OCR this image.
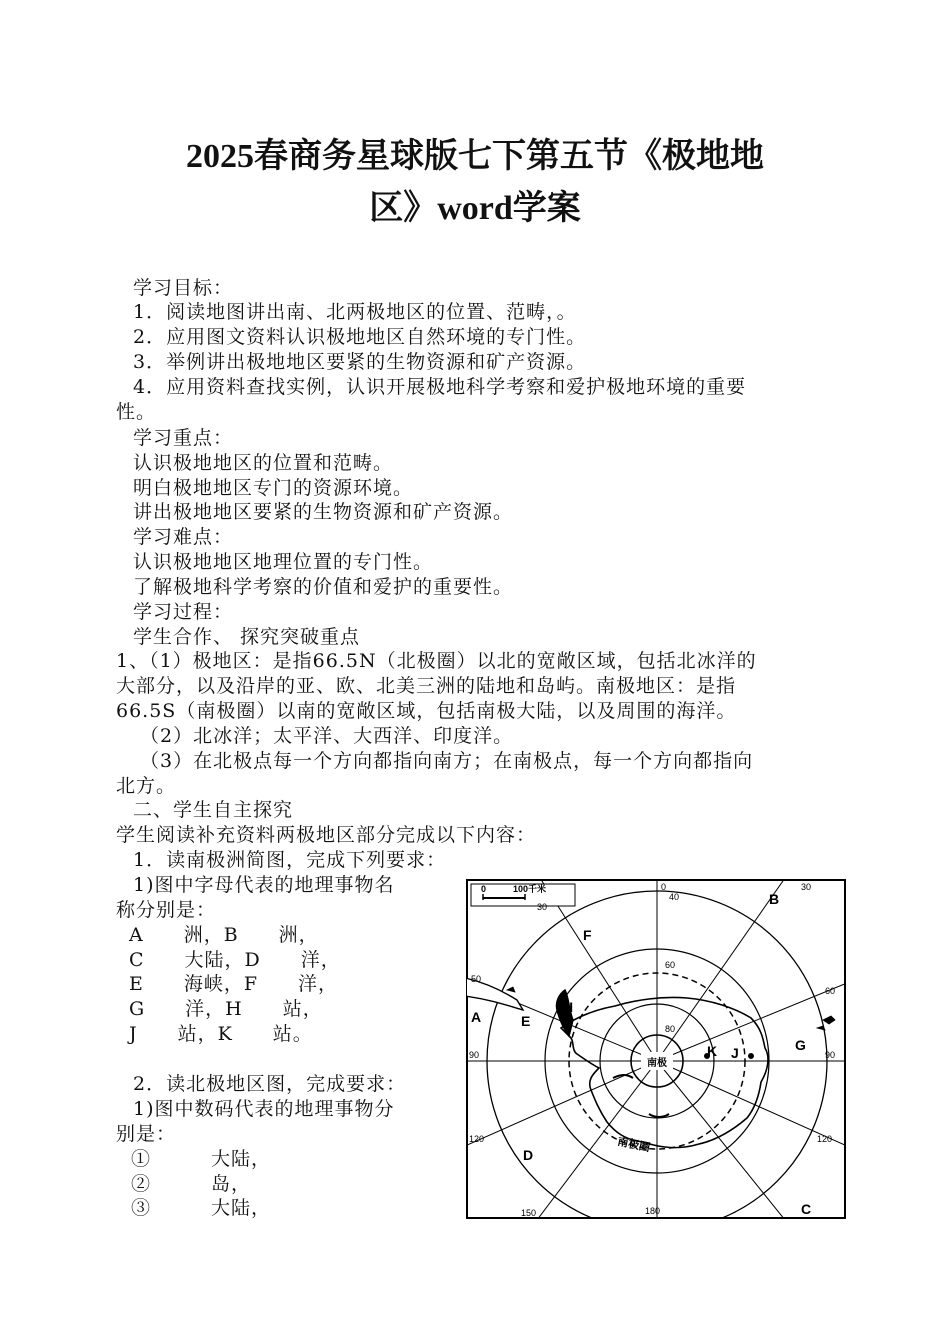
2025春商务星球版七下第五节《极地地
区》word学案
学习目标：
1．阅读地图讲出南、北两极地区的位置、范畴，。
2．应用图文资料认识极地地区自然环境的专门性。
3．举例讲出极地地区要紧的生物资源和矿产资源。
4．应用资料查找实例，认识开展极地科学考察和爱护极地环境的重要
性。
学习重点：
认识极地地区的位置和范畴。
明白极地地区专门的资源环境。
讲出极地地区要紧的生物资源和矿产资源。
学习难点：
认识极地地区地理位置的专门性。
了解极地科学考察的价值和爱护的重要性。
学习过程：
学生合作、 探究突破重点
1、（1）极地区：是指66.5N（北极圈）以北的宽敞区域，包括北冰洋的
大部分，以及沿岸的亚、欧、北美三洲的陆地和岛屿。南极地区：是指
66.5S（南极圈）以南的宽敞区域，包括南极大陆，以及周围的海洋。
（2）北冰洋；太平洋、大西洋、印度洋。
（3）在北极点每一个方向都指向南方；在南极点，每一个方向都指向
北方。
二、学生自主探究
学生阅读补充资料两极地区部分完成以下内容：
1．读南极洲简图，完成下列要求：
1)图中字母代表的地理事物名
称分别是：
A　　洲，B　　洲，
C　　大陆，D　　洋，
E　　海峡，F　　洋，
G　　洋，H　　站，
J　　站，K　　站。
2．读北极地区图，完成要求：
1)图中数码代表的地理事物分
别是：
①　　　大陆，
②　　　岛，
③　　　大陆，
南极
南极圈
0	100千米	0
30
30
40
60
60
50
80
90	90
120	120
150	180
A
B
C
D
E
F
G
H
J
K
